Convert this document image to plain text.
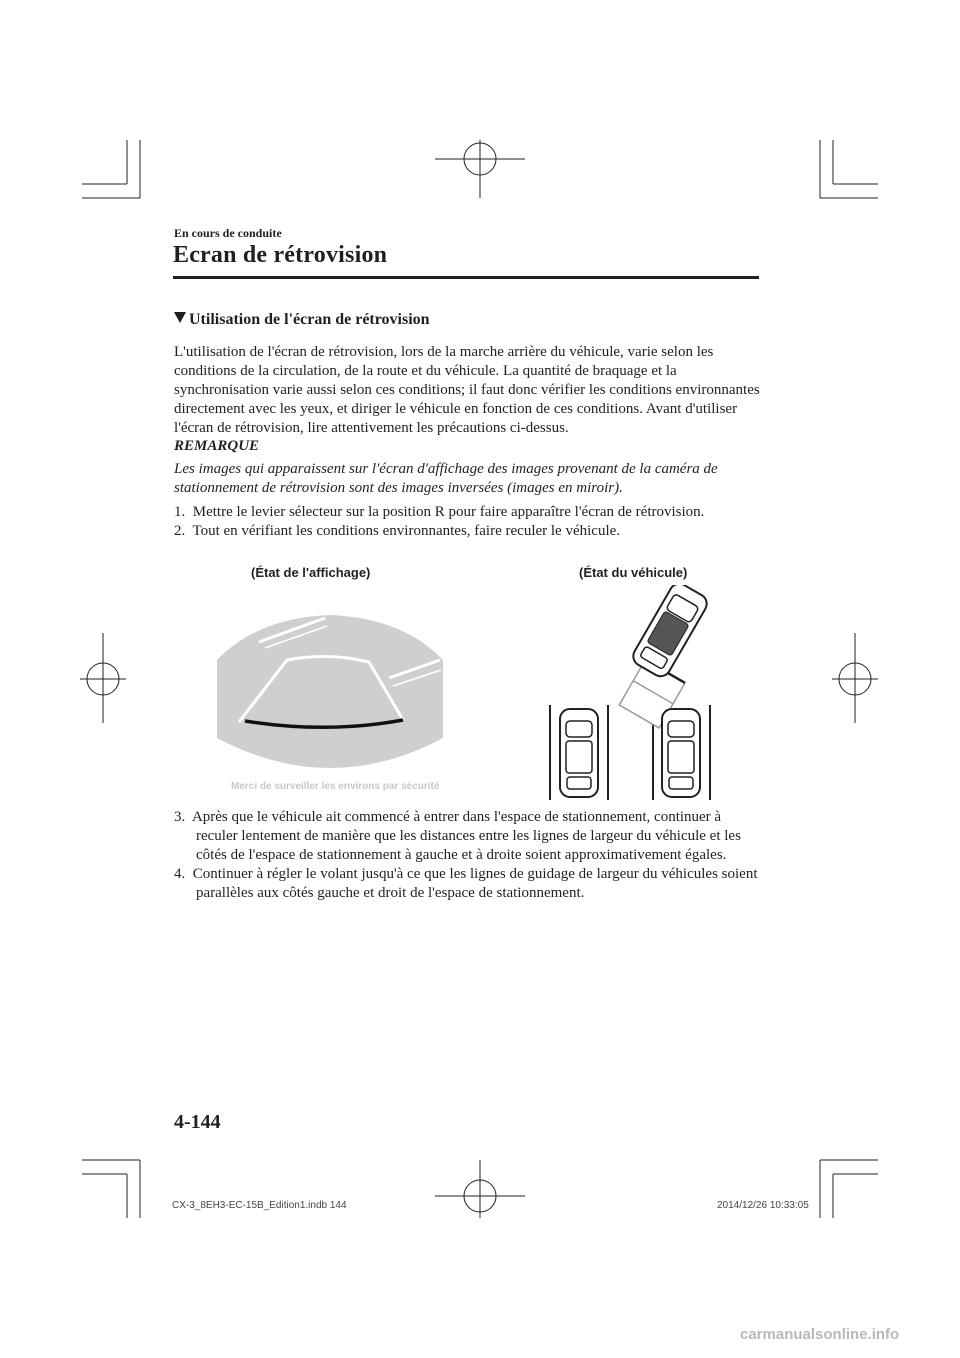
En cours de conduite
Ecran de rétrovision
Utilisation de l'écran de rétrovision
L'utilisation de l'écran de rétrovision, lors de la marche arrière du véhicule, varie selon les conditions de la circulation, de la route et du véhicule. La quantité de braquage et la synchronisation varie aussi selon ces conditions; il faut donc vérifier les conditions environnantes directement avec les yeux, et diriger le véhicule en fonction de ces conditions. Avant d'utiliser l'écran de rétrovision, lire attentivement les précautions ci-dessus.
REMARQUE
Les images qui apparaissent sur l'écran d'affichage des images provenant de la caméra de stationnement de rétrovision sont des images inversées (images en miroir).
1. Mettre le levier sélecteur sur la position R pour faire apparaître l'écran de rétrovision.
2. Tout en vérifiant les conditions environnantes, faire reculer le véhicule.
(État de l'affichage)	(État du véhicule)
Merci de surveiller les environs par sécurité
3. Après que le véhicule ait commencé à entrer dans l'espace de stationnement, continuer à reculer lentement de manière que les distances entre les lignes de largeur du véhicule et les côtés de l'espace de stationnement à gauche et à droite soient approximativement égales.
4. Continuer à régler le volant jusqu'à ce que les lignes de guidage de largeur du véhicules soient parallèles aux côtés gauche et droit de l'espace de stationnement.
4-144
CX-3_8EH3-EC-15B_Edition1.indb 144	2014/12/26 10:33:05
carmanualsonline.info
